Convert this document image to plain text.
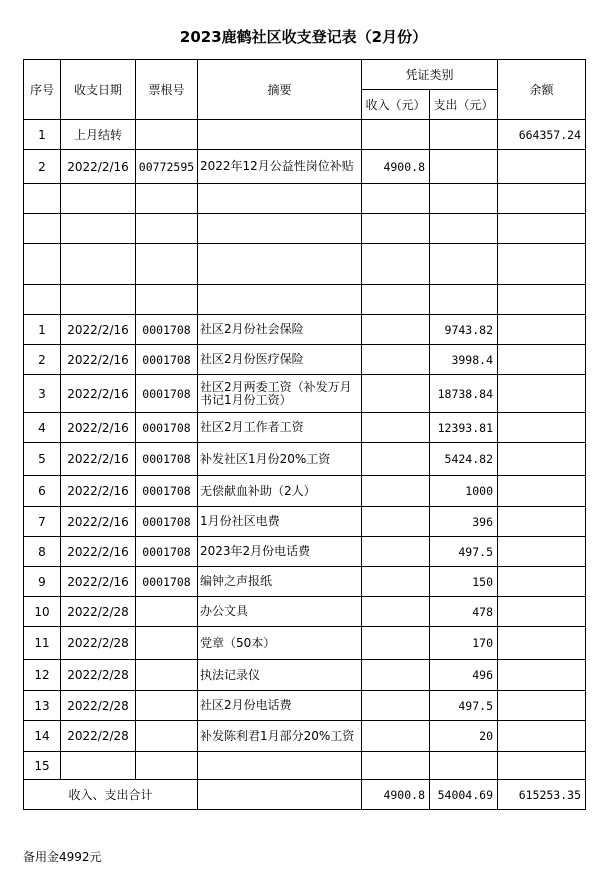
2023鹿鹤社区收支登记表（2月份）
序号	收支日期	票根号	摘要	凭证类别		余额
				收入（元）	支出（元）	
1	上月结转					664357.24
2	2022/2/16	00772595	2022年12月公益性岗位补贴	4900.8		

1	2022/2/16	0001708	社区2月份社会保险		9743.82	
2	2022/2/16	0001708	社区2月份医疗保险		3998.4	
3	2022/2/16	0001708	社区2月两委工资（补发万月书记1月份工资）		18738.84	
4	2022/2/16	0001708	社区2月工作者工资		12393.81	
5	2022/2/16	0001708	补发社区1月份20%工资		5424.82	
6	2022/2/16	0001708	无偿献血补助（2人）		1000	
7	2022/2/16	0001708	1月份社区电费		396	
8	2022/2/16	0001708	2023年2月份电话费		497.5	
9	2022/2/16	0001708	编钟之声报纸		150	
10	2022/2/28		办公文具		478	
11	2022/2/28		党章（50本）		170	
12	2022/2/28		执法记录仪		496	
13	2022/2/28		社区2月份电话费		497.5	
14	2022/2/28		补发陈利君1月部分20%工资		20	
15						
收入、支出合计				4900.8	54004.69	615253.35
备用金4992元
